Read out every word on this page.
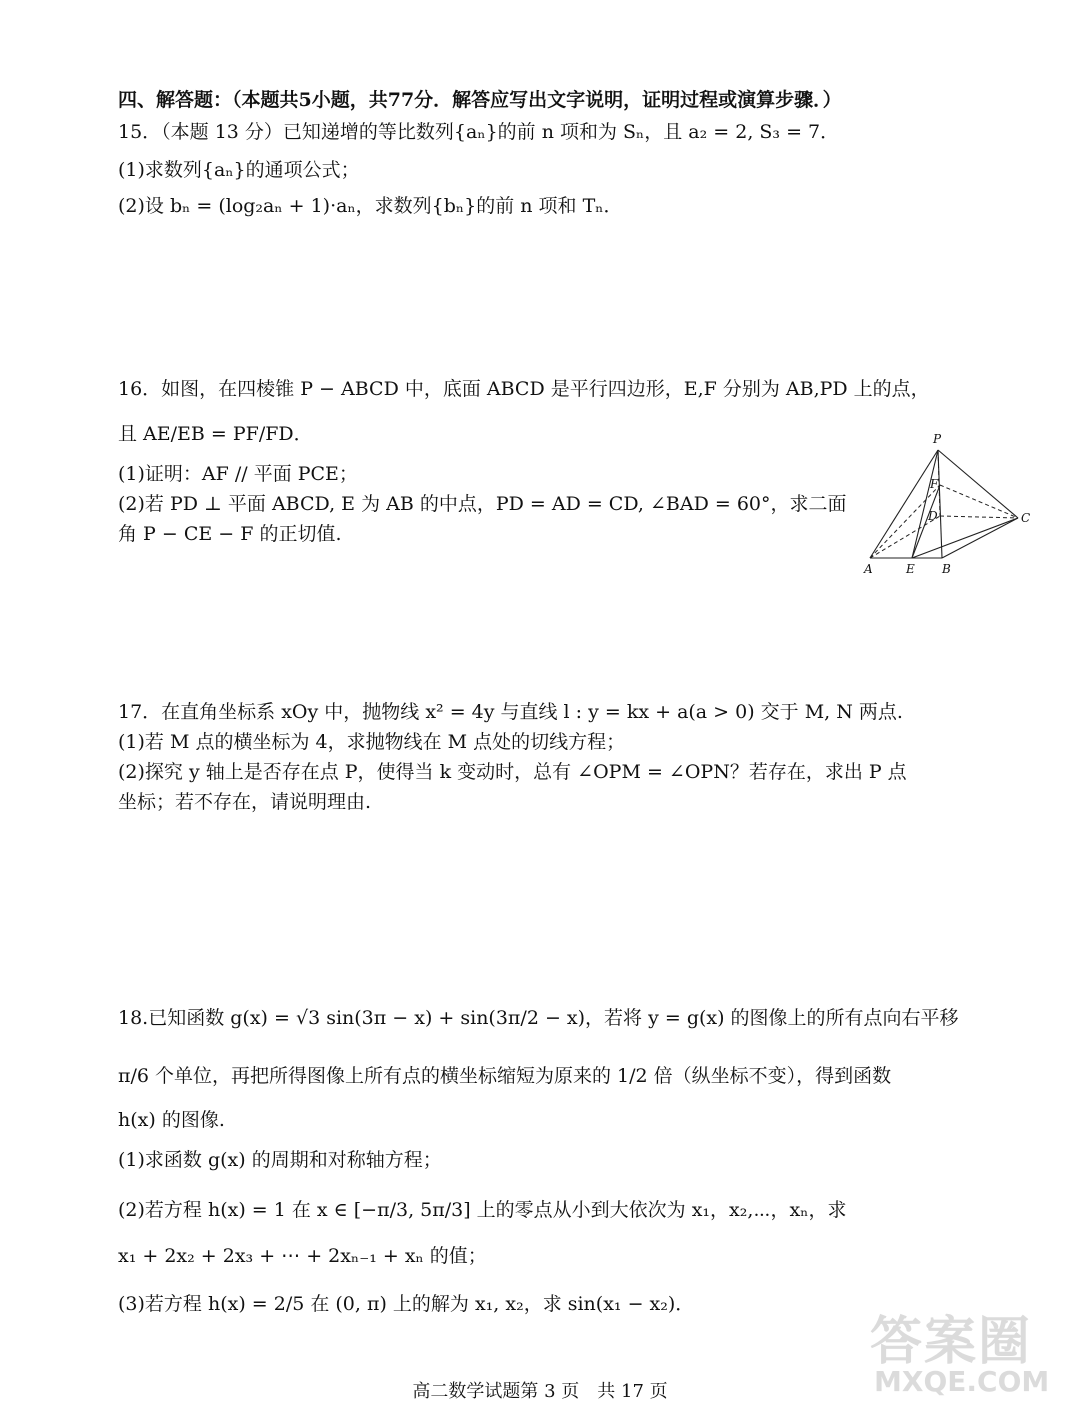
四、解答题：（本题共5小题，共77分．解答应写出文字说明，证明过程或演算步骤．）
15．（本题 13 分）已知递增的等比数列{aₙ}的前 n 项和为 Sₙ，且 a₂ = 2, S₃ = 7．
(1)求数列{aₙ}的通项公式；
(2)设 bₙ = (log₂aₙ + 1)·aₙ，求数列{bₙ}的前 n 项和 Tₙ．
16．如图，在四棱锥 P − ABCD 中，底面 ABCD 是平行四边形，E,F 分别为 AB,PD 上的点，
且 AE/EB = PF/FD．
(1)证明：AF // 平面 PCE；
(2)若 PD ⊥ 平面 ABCD, E 为 AB 的中点，PD = AD = CD, ∠BAD = 60°，求二面
角 P − CE − F 的正切值.
P
F
D	C
A	E B
17．在直角坐标系 xOy 中，抛物线 x² = 4y 与直线 l : y = kx + a(a > 0) 交于 M, N 两点.
(1)若 M 点的横坐标为 4，求抛物线在 M 点处的切线方程；
(2)探究 y 轴上是否存在点 P，使得当 k 变动时，总有 ∠OPM = ∠OPN？若存在，求出 P 点
坐标；若不存在，请说明理由.
18.已知函数 g(x) = √3 sin(3π − x) + sin(3π/2 − x)，若将 y = g(x) 的图像上的所有点向右平移
π/6 个单位，再把所得图像上所有点的横坐标缩短为原来的 1/2 倍（纵坐标不变），得到函数
h(x) 的图像.
(1)求函数 g(x) 的周期和对称轴方程；
(2)若方程 h(x) = 1 在 x ∈ [−π/3, 5π/3] 上的零点从小到大依次为 x₁，x₂,⋯，xₙ，求
x₁ + 2x₂ + 2x₃ + ⋯ + 2xₙ₋₁ + xₙ 的值；
(3)若方程 h(x) = 2/5 在 (0, π) 上的解为 x₁, x₂，求 sin(x₁ − x₂)．
高二数学试题第 3 页　共 17 页
答案圈
MXQE.COM
